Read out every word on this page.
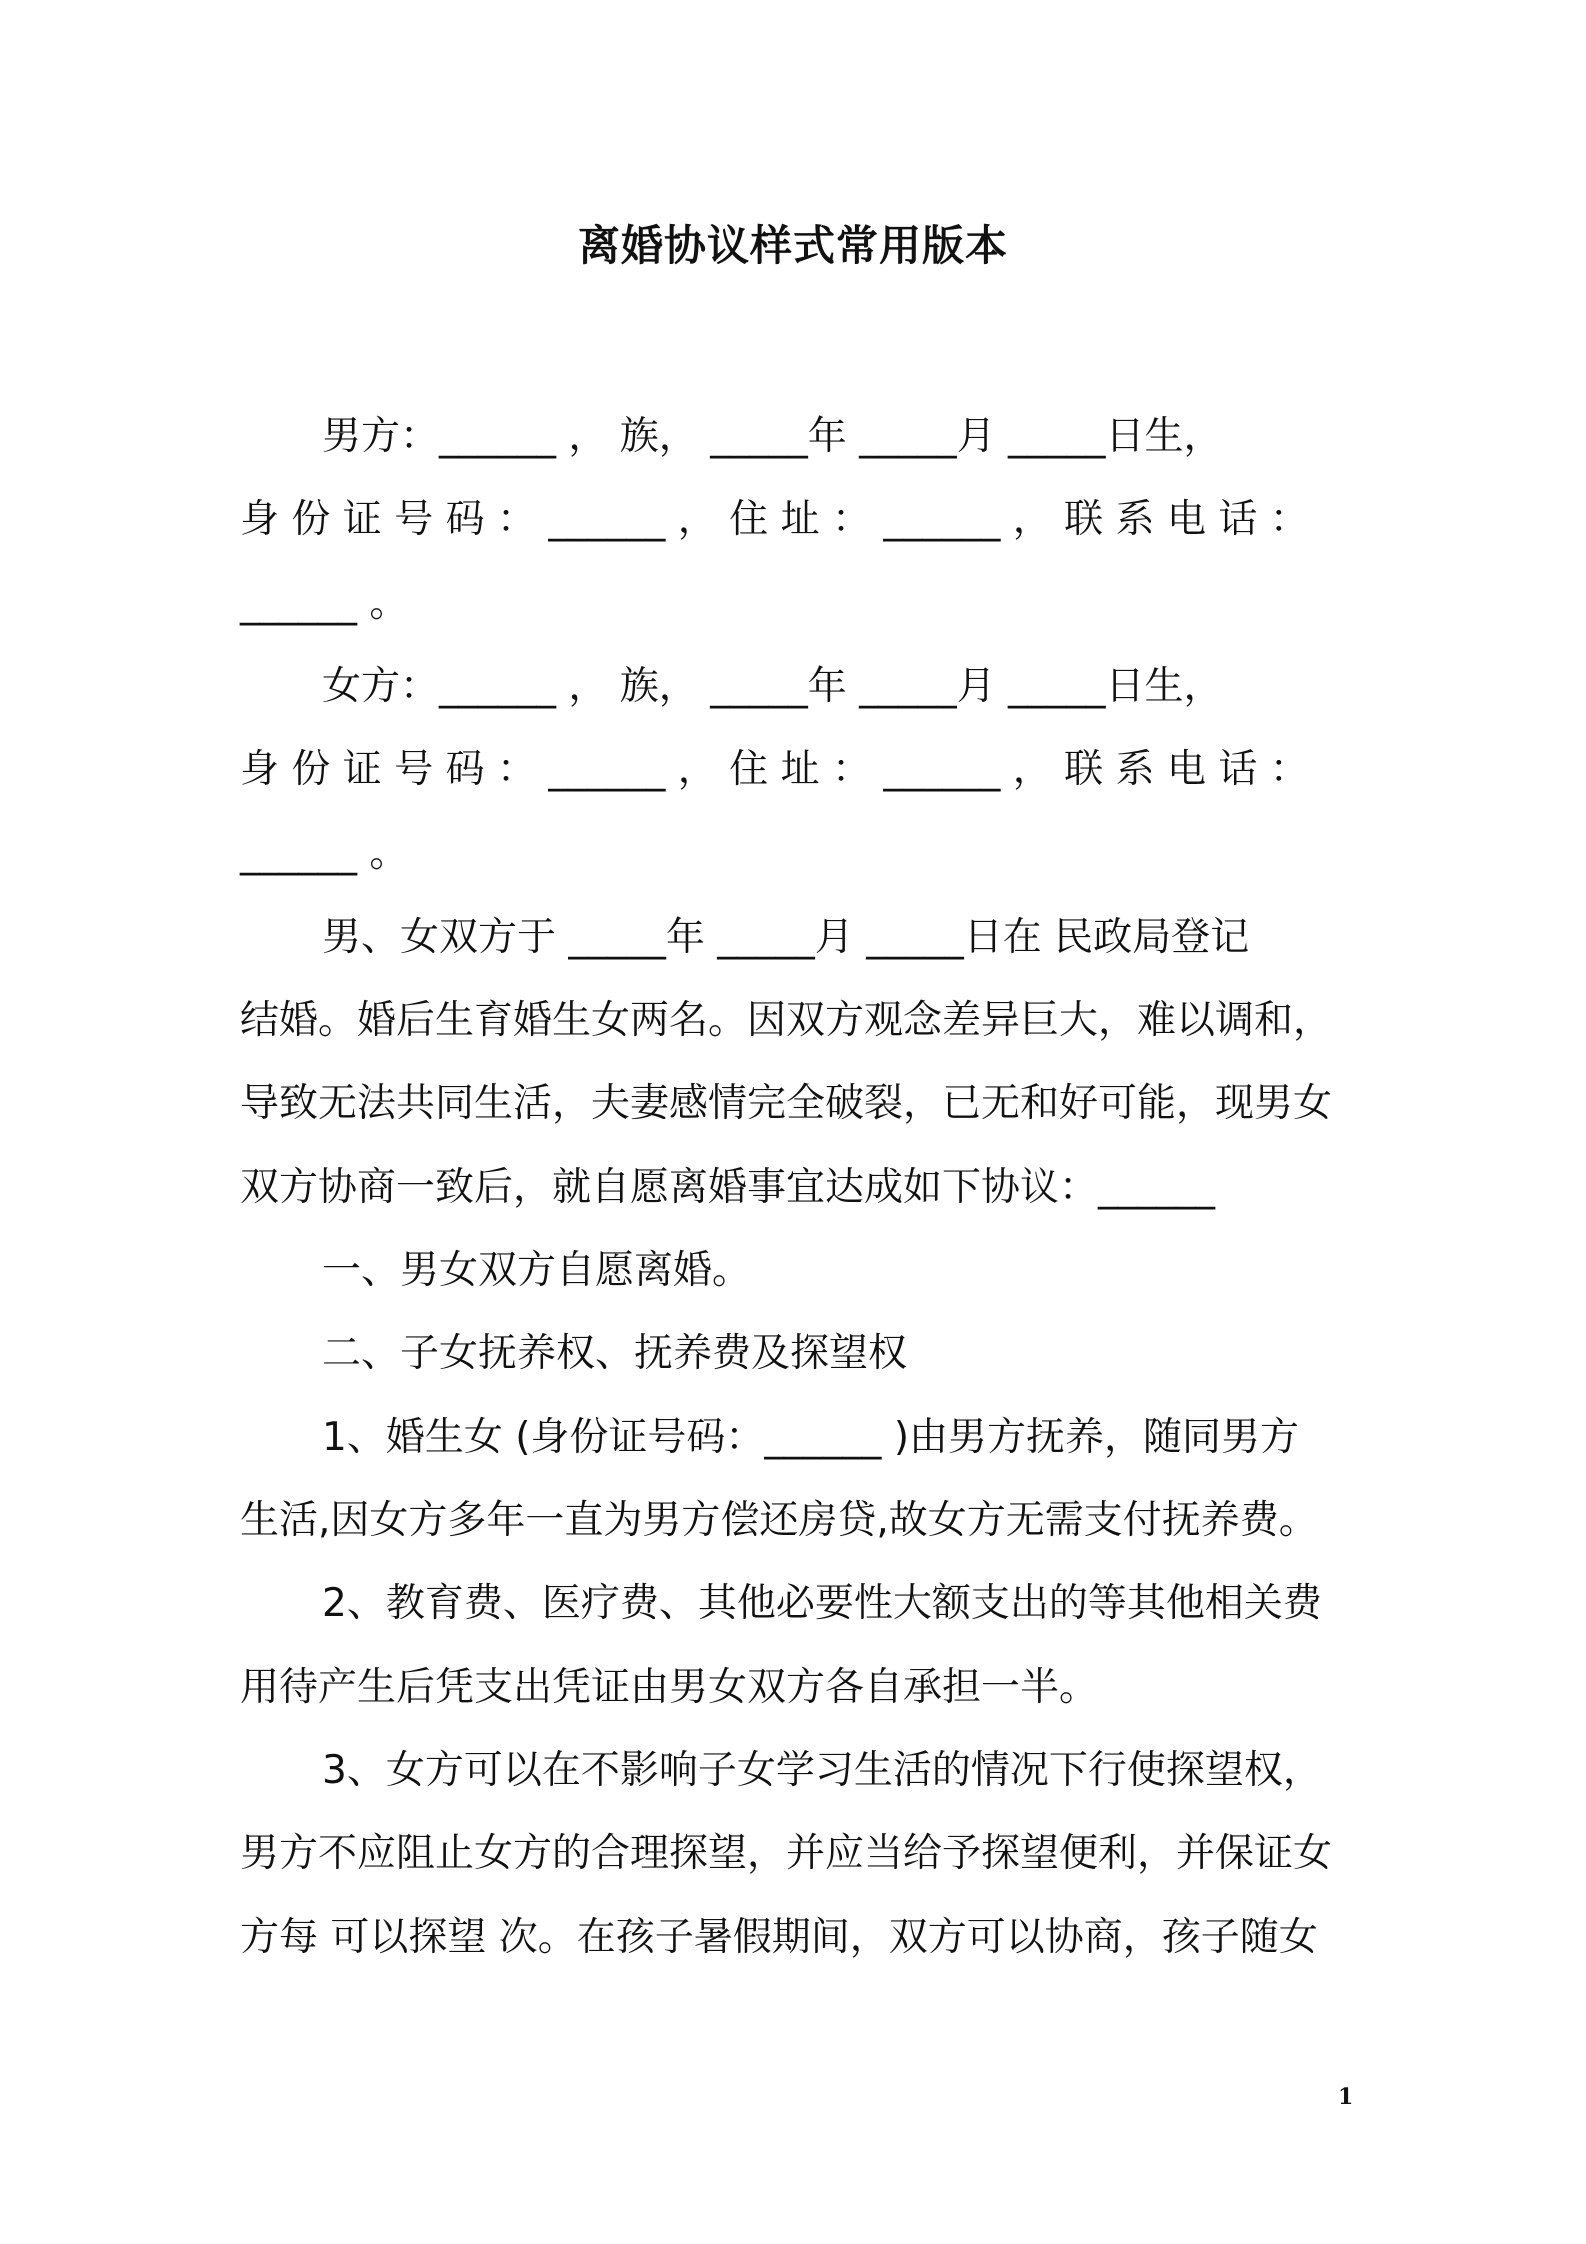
离婚协议样式常用版本
男方：______ ， 族， _____年 _____月 _____日生，
身 份 证 号 码 ： ______ ， 住 址 ： ______ ， 联 系 电 话 ：
______ 。
女方：______ ， 族， _____年 _____月 _____日生，
身 份 证 号 码 ： ______ ， 住 址 ： ______ ， 联 系 电 话 ：
______ 。
男、女双方于 _____年 _____月 _____日在 民政局登记
结婚。婚后生育婚生女两名。因双方观念差异巨大，难以调和，
导致无法共同生活，夫妻感情完全破裂，已无和好可能，现男女
双方协商一致后，就自愿离婚事宜达成如下协议：______
一、男女双方自愿离婚。
二、子女抚养权、抚养费及探望权
1、婚生女 (身份证号码：______ )由男方抚养，随同男方
生活,因女方多年一直为男方偿还房贷,故女方无需支付抚养费。
2、教育费、医疗费、其他必要性大额支出的等其他相关费
用待产生后凭支出凭证由男女双方各自承担一半。
3、女方可以在不影响子女学习生活的情况下行使探望权，
男方不应阻止女方的合理探望，并应当给予探望便利，并保证女
方每 可以探望 次。在孩子暑假期间，双方可以协商，孩子随女
1
